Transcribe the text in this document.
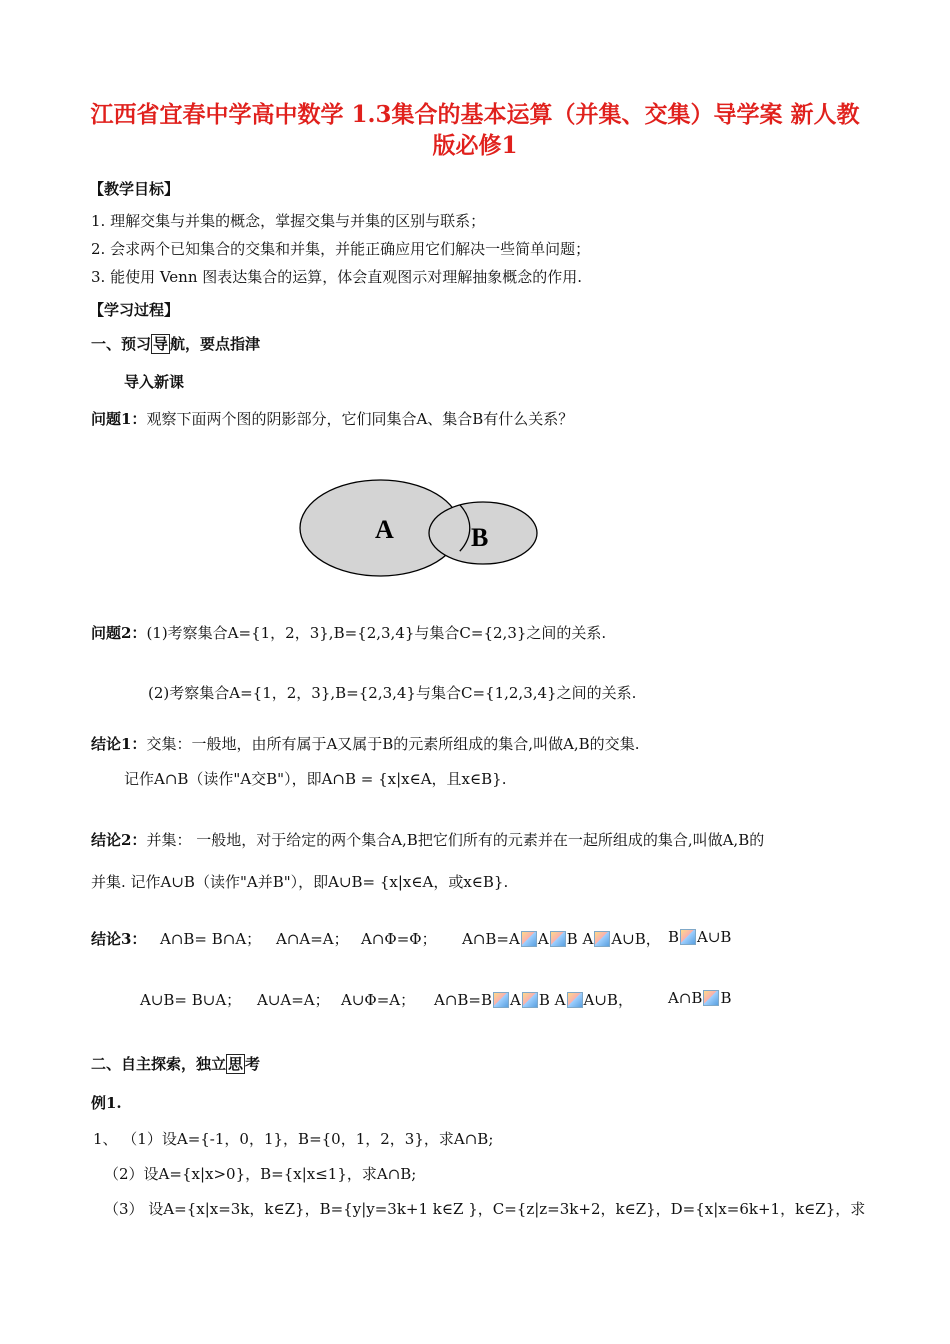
江西省宜春中学高中数学 1.3集合的基本运算（并集、交集）导学案 新人教
版必修1
【教学目标】
1. 理解交集与并集的概念，掌握交集与并集的区别与联系；
2. 会求两个已知集合的交集和并集，并能正确应用它们解决一些简单问题；
3. 能使用 Venn 图表达集合的运算，体会直观图示对理解抽象概念的作用.
【学习过程】
一、预习 导 航，要点指津
导入新课
问题1：观察下面两个图的阴影部分，它们同集合A、集合B有什么关系？
A	B
问题2：(1)考察集合A={1，2，3},B={2,3,4}与集合C={2,3}之间的关系.
(2)考察集合A={1，2，3},B={2,3,4}与集合C={1,2,3,4}之间的关系.
结论1：交集：一般地，由所有属于A又属于B的元素所组成的集合,叫做A,B的交集.
记作A∩B（读作"A交B"），即A∩B = {x|x∈A，且x∈B}.
结论2：并集： 一般地，对于给定的两个集合A,B把它们所有的元素并在一起所组成的集合,叫做A,B的
并集. 记作A∪B（读作"A并B"），即A∪B= {x|x∈A，或x∈B}.
结论3： A∩B= B∩A； A∩A=A； A∩Φ=Φ； A∩B=A A B A A∪B， B A∪B
A∪B= B∪A； A∪A=A； A∪Φ=A； A∩B=B A B A A∪B， A∩B B
二、自主探索，独立 思 考
例1.
1、 （1）设A={-1，0，1}，B={0，1，2，3}，求A∩B;
（2）设A={x|x>0}，B={x|x≤1}，求A∩B;
（3） 设A={x|x=3k，k∈Z}，B={y|y=3k+1 k∈Z }，C={z|z=3k+2，k∈Z}，D={x|x=6k+1，k∈Z}，求
